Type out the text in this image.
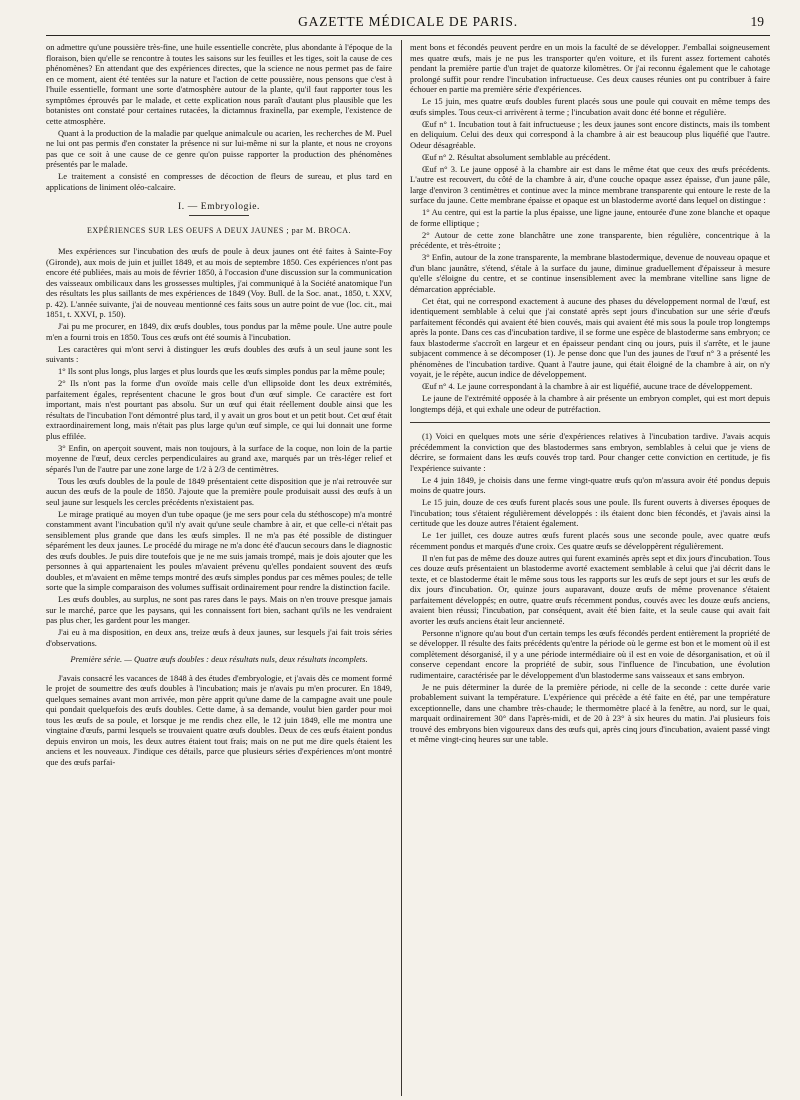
GAZETTE MÉDICALE DE PARIS.	19

on admettre qu'une poussière très-fine, une huile essentielle concrète, plus abondante à l'époque de la floraison, bien qu'elle se rencontre à toutes les saisons sur les feuilles et les tiges, soit la cause de ces phénomènes? En attendant que des expériences directes, que la science ne nous permet pas de faire en ce moment, aient été tentées sur la nature et l'action de cette poussière, nous pensons que c'est à l'huile essentielle, formant une sorte d'atmosphère autour de la plante, qu'il faut rapporter tous les symptômes éprouvés par le malade, et cette explication nous paraît d'autant plus plausible que les botanistes ont constaté pour certaines rutacées, la dictamnus fraxinella, par exemple, l'existence de cette atmosphère.

Quant à la production de la maladie par quelque animalcule ou acarien, les recherches de M. Puel ne lui ont pas permis d'en constater la présence ni sur lui-même ni sur la plante, et nous ne croyons pas que ce soit à une cause de ce genre qu'on puisse rapporter la production des phénomènes présentés par le malade.

Le traitement a consisté en compresses de décoction de fleurs de sureau, et plus tard en applications de liniment oléo-calcaire.

I. — Embryologie.
EXPÉRIENCES SUR LES OEUFS A DEUX JAUNES ; par M. BROCA.

Mes expériences sur l'incubation des œufs de poule à deux jaunes ont été faites à Sainte-Foy (Gironde), aux mois de juin et juillet 1849, et au mois de septembre 1850. Ces expériences n'ont pas encore été publiées, mais au mois de février 1850, à l'occasion d'une discussion sur la communication des vaisseaux ombilicaux dans les grossesses multiples, j'ai communiqué à la Société anatomique l'un des résultats les plus saillants de mes expériences de 1849 (Voy. Bull. de la Soc. anat., 1850, t. XXV, p. 42). L'année suivante, j'ai de nouveau mentionné ces faits sous un autre point de vue (loc. cit., mai 1851, t. XXVI, p. 150).

J'ai pu me procurer, en 1849, dix œufs doubles, tous pondus par la même poule. Une autre poule m'en a fourni trois en 1850. Tous ces œufs ont été soumis à l'incubation.

Les caractères qui m'ont servi à distinguer les œufs doubles des œufs à un seul jaune sont les suivants :

1° Ils sont plus longs, plus larges et plus lourds que les œufs simples pondus par la même poule;

2° Ils n'ont pas la forme d'un ovoïde mais celle d'un ellipsoïde dont les deux extrémités, parfaitement égales, représentent chacune le gros bout d'un œuf simple. Ce caractère est fort important, mais n'est pourtant pas absolu. Sur un œuf qui était réellement double ainsi que les résultats de l'incubation l'ont démontré plus tard, il y avait un gros bout et un petit bout. Cet œuf était extraordinairement long, mais n'était pas plus large qu'un œuf simple, ce qui lui donnait une forme plus effilée.

3° Enfin, on aperçoit souvent, mais non toujours, à la surface de la coque, non loin de la partie moyenne de l'œuf, deux cercles perpendiculaires au grand axe, marqués par un très-léger relief et séparés l'un de l'autre par une zone large de 1/2 à 2/3 de centimètres.

Tous les œufs doubles de la poule de 1849 présentaient cette disposition que je n'ai retrouvée sur aucun des œufs de la poule de 1850. J'ajoute que la première poule produisait aussi des œufs à un seul jaune sur lesquels les cercles précédents n'existaient pas.

Le mirage pratiqué au moyen d'un tube opaque (je me sers pour cela du stéthoscope) m'a montré constamment avant l'incubation qu'il n'y avait qu'une seule chambre à air, et que celle-ci n'était pas sensiblement plus grande que dans les œufs simples. Il ne m'a pas été possible de distinguer séparément les deux jaunes. Le procédé du mirage ne m'a donc été d'aucun secours dans le diagnostic des œufs doubles. Je puis dire toutefois que je ne me suis jamais trompé, mais je dois ajouter que les personnes à qui appartenaient les poules m'avaient prévenu qu'elles pondaient souvent des œufs doubles, et m'avaient en même temps montré des œufs simples pondus par ces mêmes poules; de telle sorte que la simple comparaison des volumes suffisait ordinairement pour rendre la distinction facile.

Les œufs doubles, au surplus, ne sont pas rares dans le pays. Mais on n'en trouve presque jamais sur le marché, parce que les paysans, qui les connaissent fort bien, sachant qu'ils ne les vendraient pas plus cher, les gardent pour les manger.

J'ai eu à ma disposition, en deux ans, treize œufs à deux jaunes, sur lesquels j'ai fait trois séries d'observations.

Première série. — Quatre œufs doubles : deux résultats nuls, deux résultats incomplets.

J'avais consacré les vacances de 1848 à des études d'embryologie, et j'avais dès ce moment formé le projet de soumettre des œufs doubles à l'incubation; mais je n'avais pu m'en procurer. En 1849, quelques semaines avant mon arrivée, mon père apprit qu'une dame de la campagne avait une poule qui pondait quelquefois des œufs doubles. Cette dame, à sa demande, voulut bien garder pour moi tous les œufs de sa poule, et lorsque je me rendis chez elle, le 12 juin 1849, elle me montra une vingtaine d'œufs, parmi lesquels se trouvaient quatre œufs doubles. Deux de ces œufs étaient pondus depuis environ un mois, les deux autres étaient tout frais; mais on ne put me dire quels étaient les anciens et les nouveaux. J'indique ces détails, parce que plusieurs séries d'expériences m'ont montré que des œufs parfai-

ment bons et fécondés peuvent perdre en un mois la faculté de se développer. J'emballai soigneusement mes quatre œufs, mais je ne pus les transporter qu'en voiture, et ils furent assez fortement cahotés pendant la première partie d'un trajet de quatorze kilomètres. Or j'ai reconnu également que le cahotage prolongé suffit pour rendre l'incubation infructueuse. Ces deux causes réunies ont pu contribuer à faire échouer en partie ma première série d'expériences.

Le 15 juin, mes quatre œufs doubles furent placés sous une poule qui couvait en même temps des œufs simples. Tous ceux-ci arrivèrent à terme ; l'incubation avait donc été bonne et régulière.

Œuf n° 1. Incubation tout à fait infructueuse ; les deux jaunes sont encore distincts, mais ils tombent en deliquium. Celui des deux qui correspond à la chambre à air est beaucoup plus liquéfié que l'autre. Odeur désagréable.

Œuf n° 2. Résultat absolument semblable au précédent.

Œuf n° 3. Le jaune opposé à la chambre air est dans le même état que ceux des œufs précédents. L'autre est recouvert, du côté de la chambre à air, d'une couche opaque assez épaisse, d'un jaune pâle, large d'environ 3 centimètres et continue avec la mince membrane transparente qui entoure le reste de la surface du jaune. Cette membrane épaisse et opaque est un blastoderme avorté dans lequel on distingue :

1° Au centre, qui est la partie la plus épaisse, une ligne jaune, entourée d'une zone blanche et opaque de forme elliptique ;

2° Autour de cette zone blanchâtre une zone transparente, bien régulière, concentrique à la précédente, et très-étroite ;

3° Enfin, autour de la zone transparente, la membrane blastodermique, devenue de nouveau opaque et d'un blanc jaunâtre, s'étend, s'étale à la surface du jaune, diminue graduellement d'épaisseur à mesure qu'elle s'éloigne du centre, et se continue insensiblement avec la membrane vitelline sans ligne de démarcation appréciable.

Cet état, qui ne correspond exactement à aucune des phases du développement normal de l'œuf, est identiquement semblable à celui que j'ai constaté après sept jours d'incubation sur une série d'œufs parfaitement fécondés qui avaient été bien couvés, mais qui avaient été mis sous la poule trop longtemps après la ponte. Dans ces cas d'incubation tardive, il se forme une espèce de blastoderme sans embryon; ce faux blastoderme s'accroît en largeur et en épaisseur pendant cinq ou jours, puis il s'arrête, et le jaune subjacent commence à se décomposer (1). Je pense donc que l'un des jaunes de l'œuf n° 3 a présenté les phénomènes de l'incubation tardive. Quant à l'autre jaune, qui était éloigné de la chambre à air, on n'y voyait, je le répète, aucun indice de développement.

Œuf n° 4. Le jaune correspondant à la chambre à air est liquéfié, aucune trace de développement.

Le jaune de l'extrémité opposée à la chambre à air présente un embryon complet, qui est mort depuis longtemps déjà, et qui exhale une odeur de putréfaction.

(1) Voici en quelques mots une série d'expériences relatives à l'incubation tardive. J'avais acquis précédemment la conviction que des blastodermes sans embryon, semblables à celui que je viens de décrire, se formaient dans les œufs couvés trop tard. Pour changer cette conviction en certitude, je fis l'expérience suivante :

Le 4 juin 1849, je choisis dans une ferme vingt-quatre œufs qu'on m'assura avoir été pondus depuis moins de quatre jours.

Le 15 juin, douze de ces œufs furent placés sous une poule. Ils furent ouverts à diverses époques de l'incubation; tous s'étaient régulièrement développés : ils étaient donc bien fécondés, et j'avais ainsi la certitude que les douze autres l'étaient également.

Le 1er juillet, ces douze autres œufs furent placés sous une seconde poule, avec quatre œufs récemment pondus et marqués d'une croix. Ces quatre œufs se développèrent régulièrement.

Il n'en fut pas de même des douze autres qui furent examinés après sept et dix jours d'incubation. Tous ces douze œufs présentaient un blastoderme avorté exactement semblable à celui que j'ai décrit dans le texte, et ce blastoderme était le même sous tous les rapports sur les œufs de sept jours et sur les œufs de dix jours d'incubation. Or, quinze jours auparavant, douze œufs de même provenance s'étaient parfaitement développés; en outre, quatre œufs récemment pondus, couvés avec les douze œufs anciens, avaient bien réussi; l'incubation, par conséquent, avait été bien faite, et la seule cause qui avait fait avorter les œufs anciens était leur ancienneté.

Personne n'ignore qu'au bout d'un certain temps les œufs fécondés perdent entièrement la propriété de se développer. Il résulte des faits précédents qu'entre la période où le germe est bon et le moment où il est complètement désorganisé, il y a une période intermédiaire où il est en voie de désorganisation, et où il conserve cependant encore la propriété de subir, sous l'influence de l'incubation, une évolution rudimentaire, caractérisée par le développement d'un blastoderme sans vaisseaux et sans embryon.

Je ne puis déterminer la durée de la première période, ni celle de la seconde : cette durée varie probablement suivant la température. L'expérience qui précède a été faite en été, par une température exceptionnelle, dans une chambre très-chaude; le thermomètre placé à la fenêtre, au nord, sur le quai, marquait ordinairement 30° dans l'après-midi, et de 20 à 23° à six heures du matin. J'ai plusieurs fois trouvé des embryons bien vigoureux dans des œufs qui, après cinq jours d'incubation, avaient passé vingt et même vingt-cinq heures sur une table.
